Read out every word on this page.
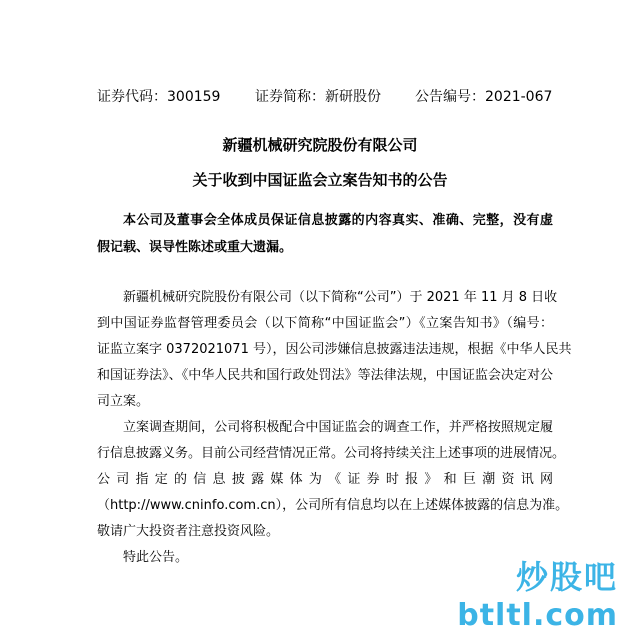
证券代码：300159 证券简称：新研股份 公告编号：2021-067
新疆机械研究院股份有限公司
关于收到中国证监会立案告知书的公告
本公司及董事会全体成员保证信息披露的内容真实、准确、完整，没有虚
假记载、误导性陈述或重大遗漏。
新疆机械研究院股份有限公司（以下简称“公司”）于 2021 年 11 月 8 日收
到中国证券监督管理委员会（以下简称“中国证监会”）《立案告知书》（编号：
证监立案字 0372021071 号），因公司涉嫌信息披露违法违规，根据《中华人民共
和国证券法》、《中华人民共和国行政处罚法》等法律法规，中国证监会决定对公
司立案。
立案调查期间，公司将积极配合中国证监会的调查工作，并严格按照规定履
行信息披露义务。目前公司经营情况正常。公司将持续关注上述事项的进展情况。
公司指定的信息披露媒体为《证券时报》和巨潮资讯网
（http://www.cninfo.com.cn），公司所有信息均以在上述媒体披露的信息为准。
敬请广大投资者注意投资风险。
特此公告。
炒股吧
btltl.com
